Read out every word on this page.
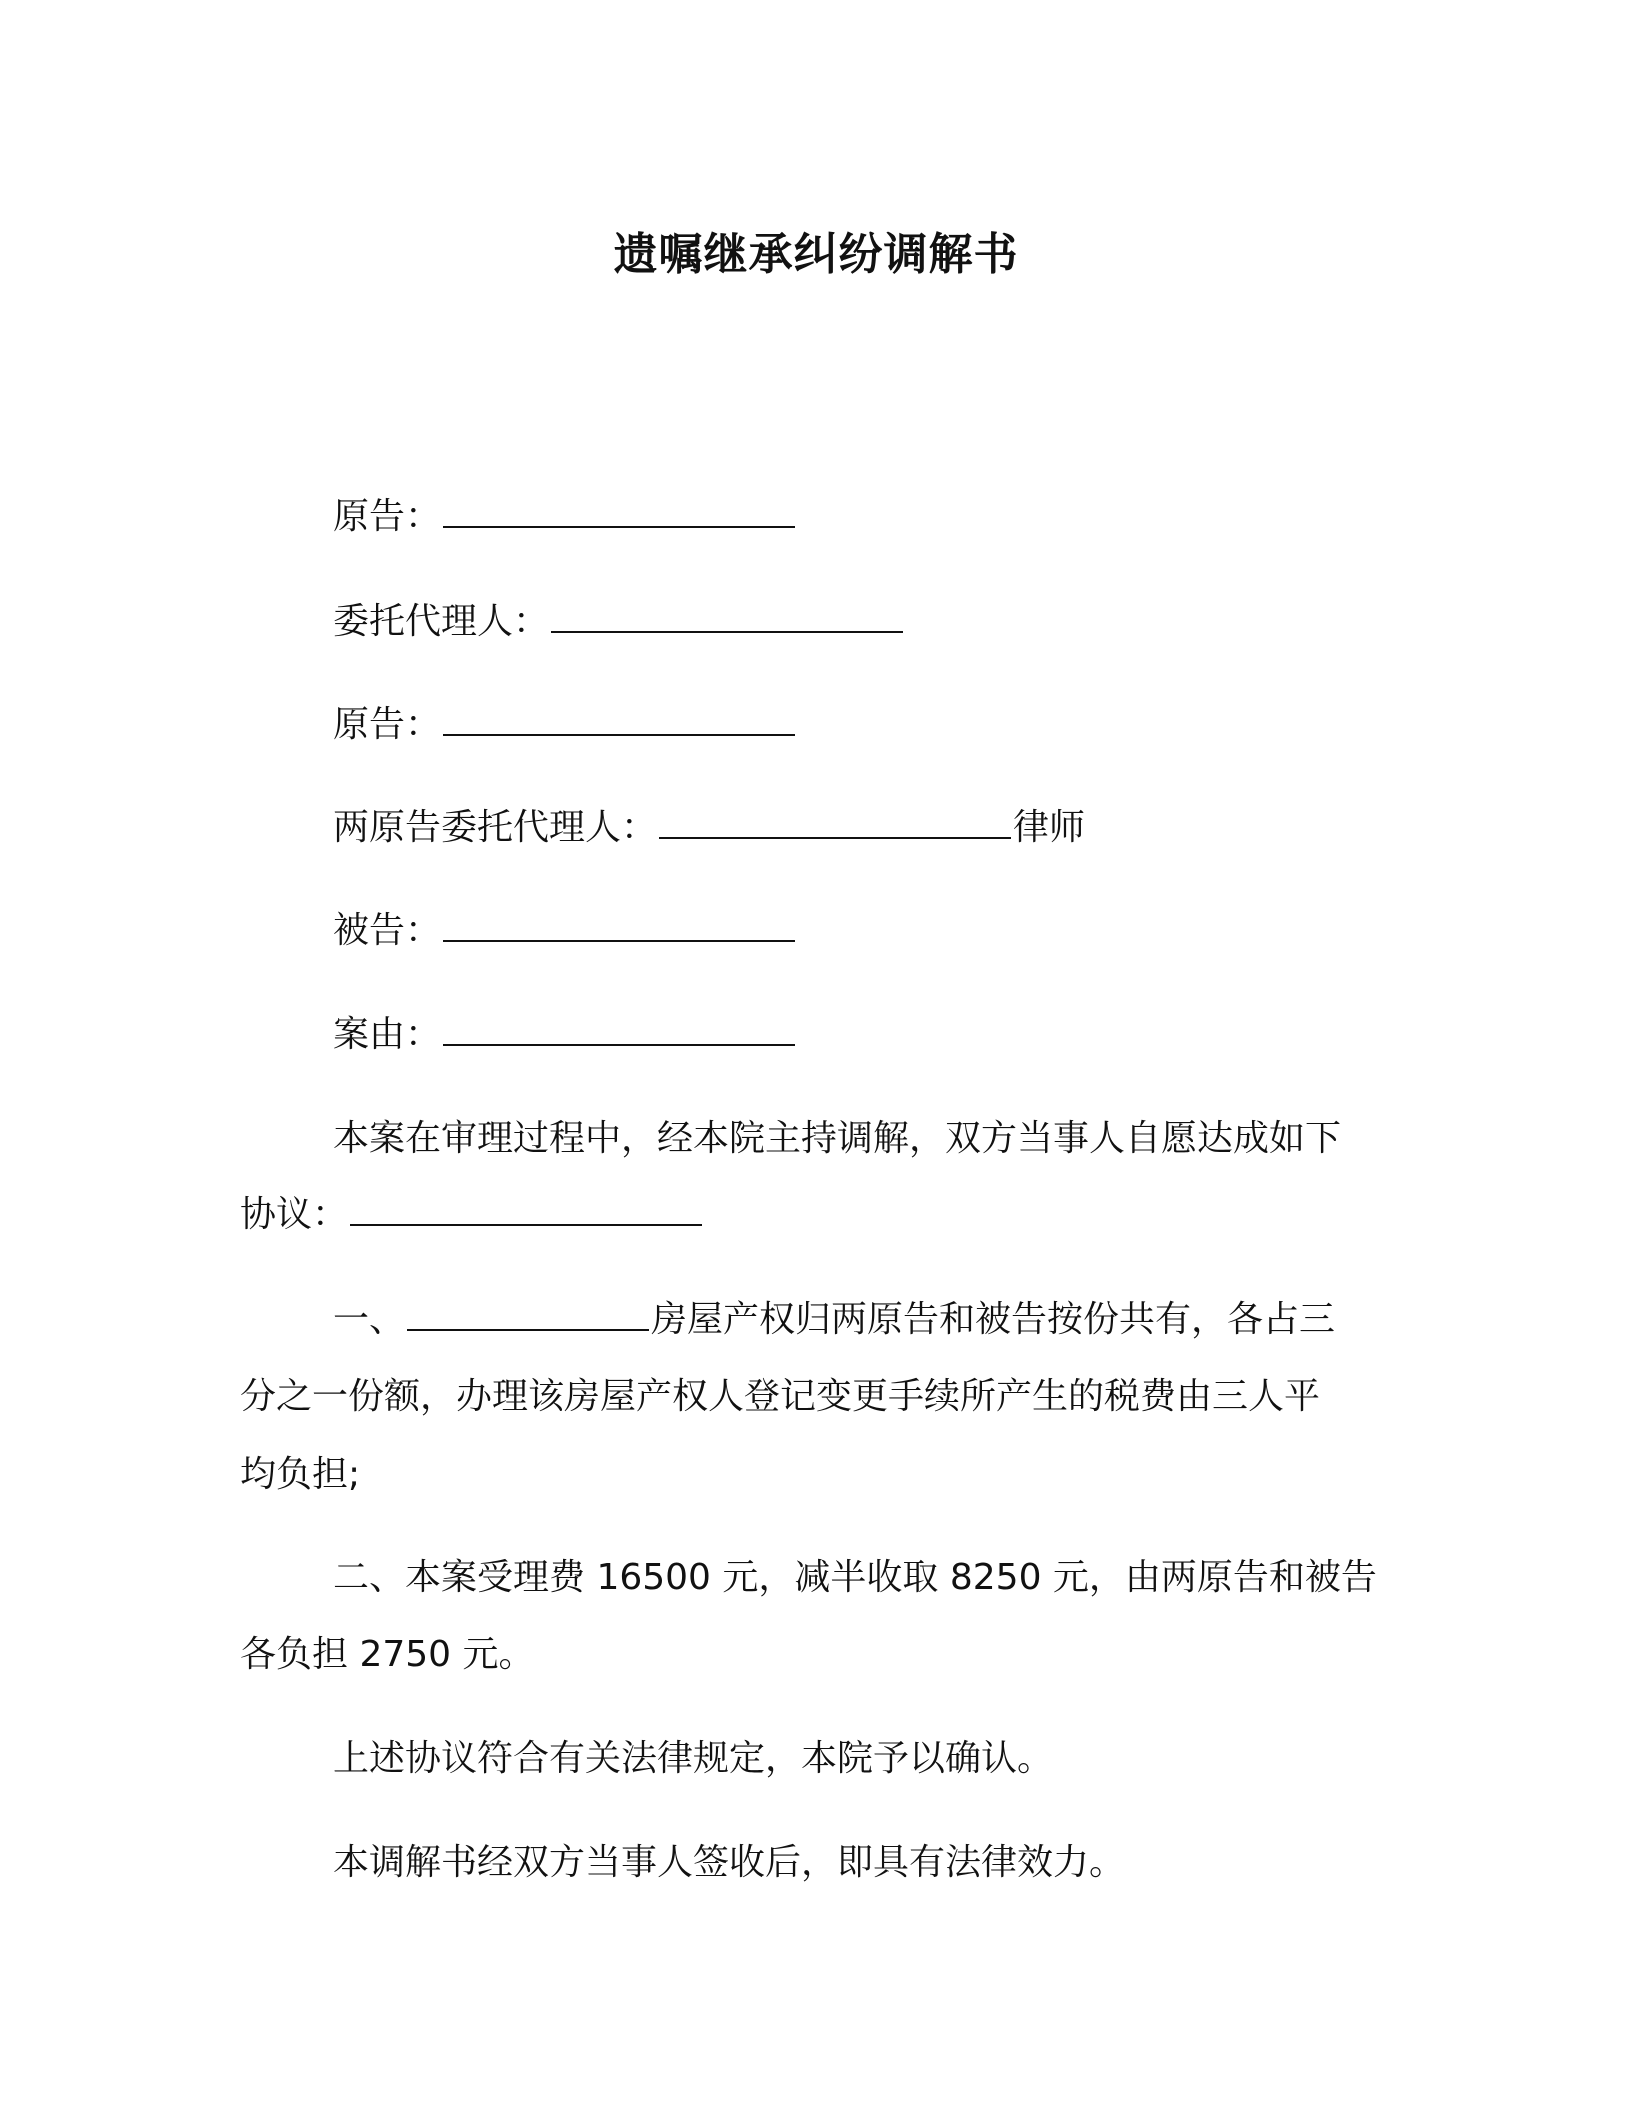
遗嘱继承纠纷调解书
原告：
委托代理人：
原告：
两原告委托代理人：	律师
被告：
案由：
本案在审理过程中，经本院主持调解，双方当事人自愿达成如下
协议：
一、	房屋产权归两原告和被告按份共有，各占三
分之一份额，办理该房屋产权人登记变更手续所产生的税费由三人平
均负担;
二、本案受理费 16500 元，减半收取 8250 元，由两原告和被告
各负担 2750 元。
上述协议符合有关法律规定，本院予以确认。
本调解书经双方当事人签收后，即具有法律效力。
